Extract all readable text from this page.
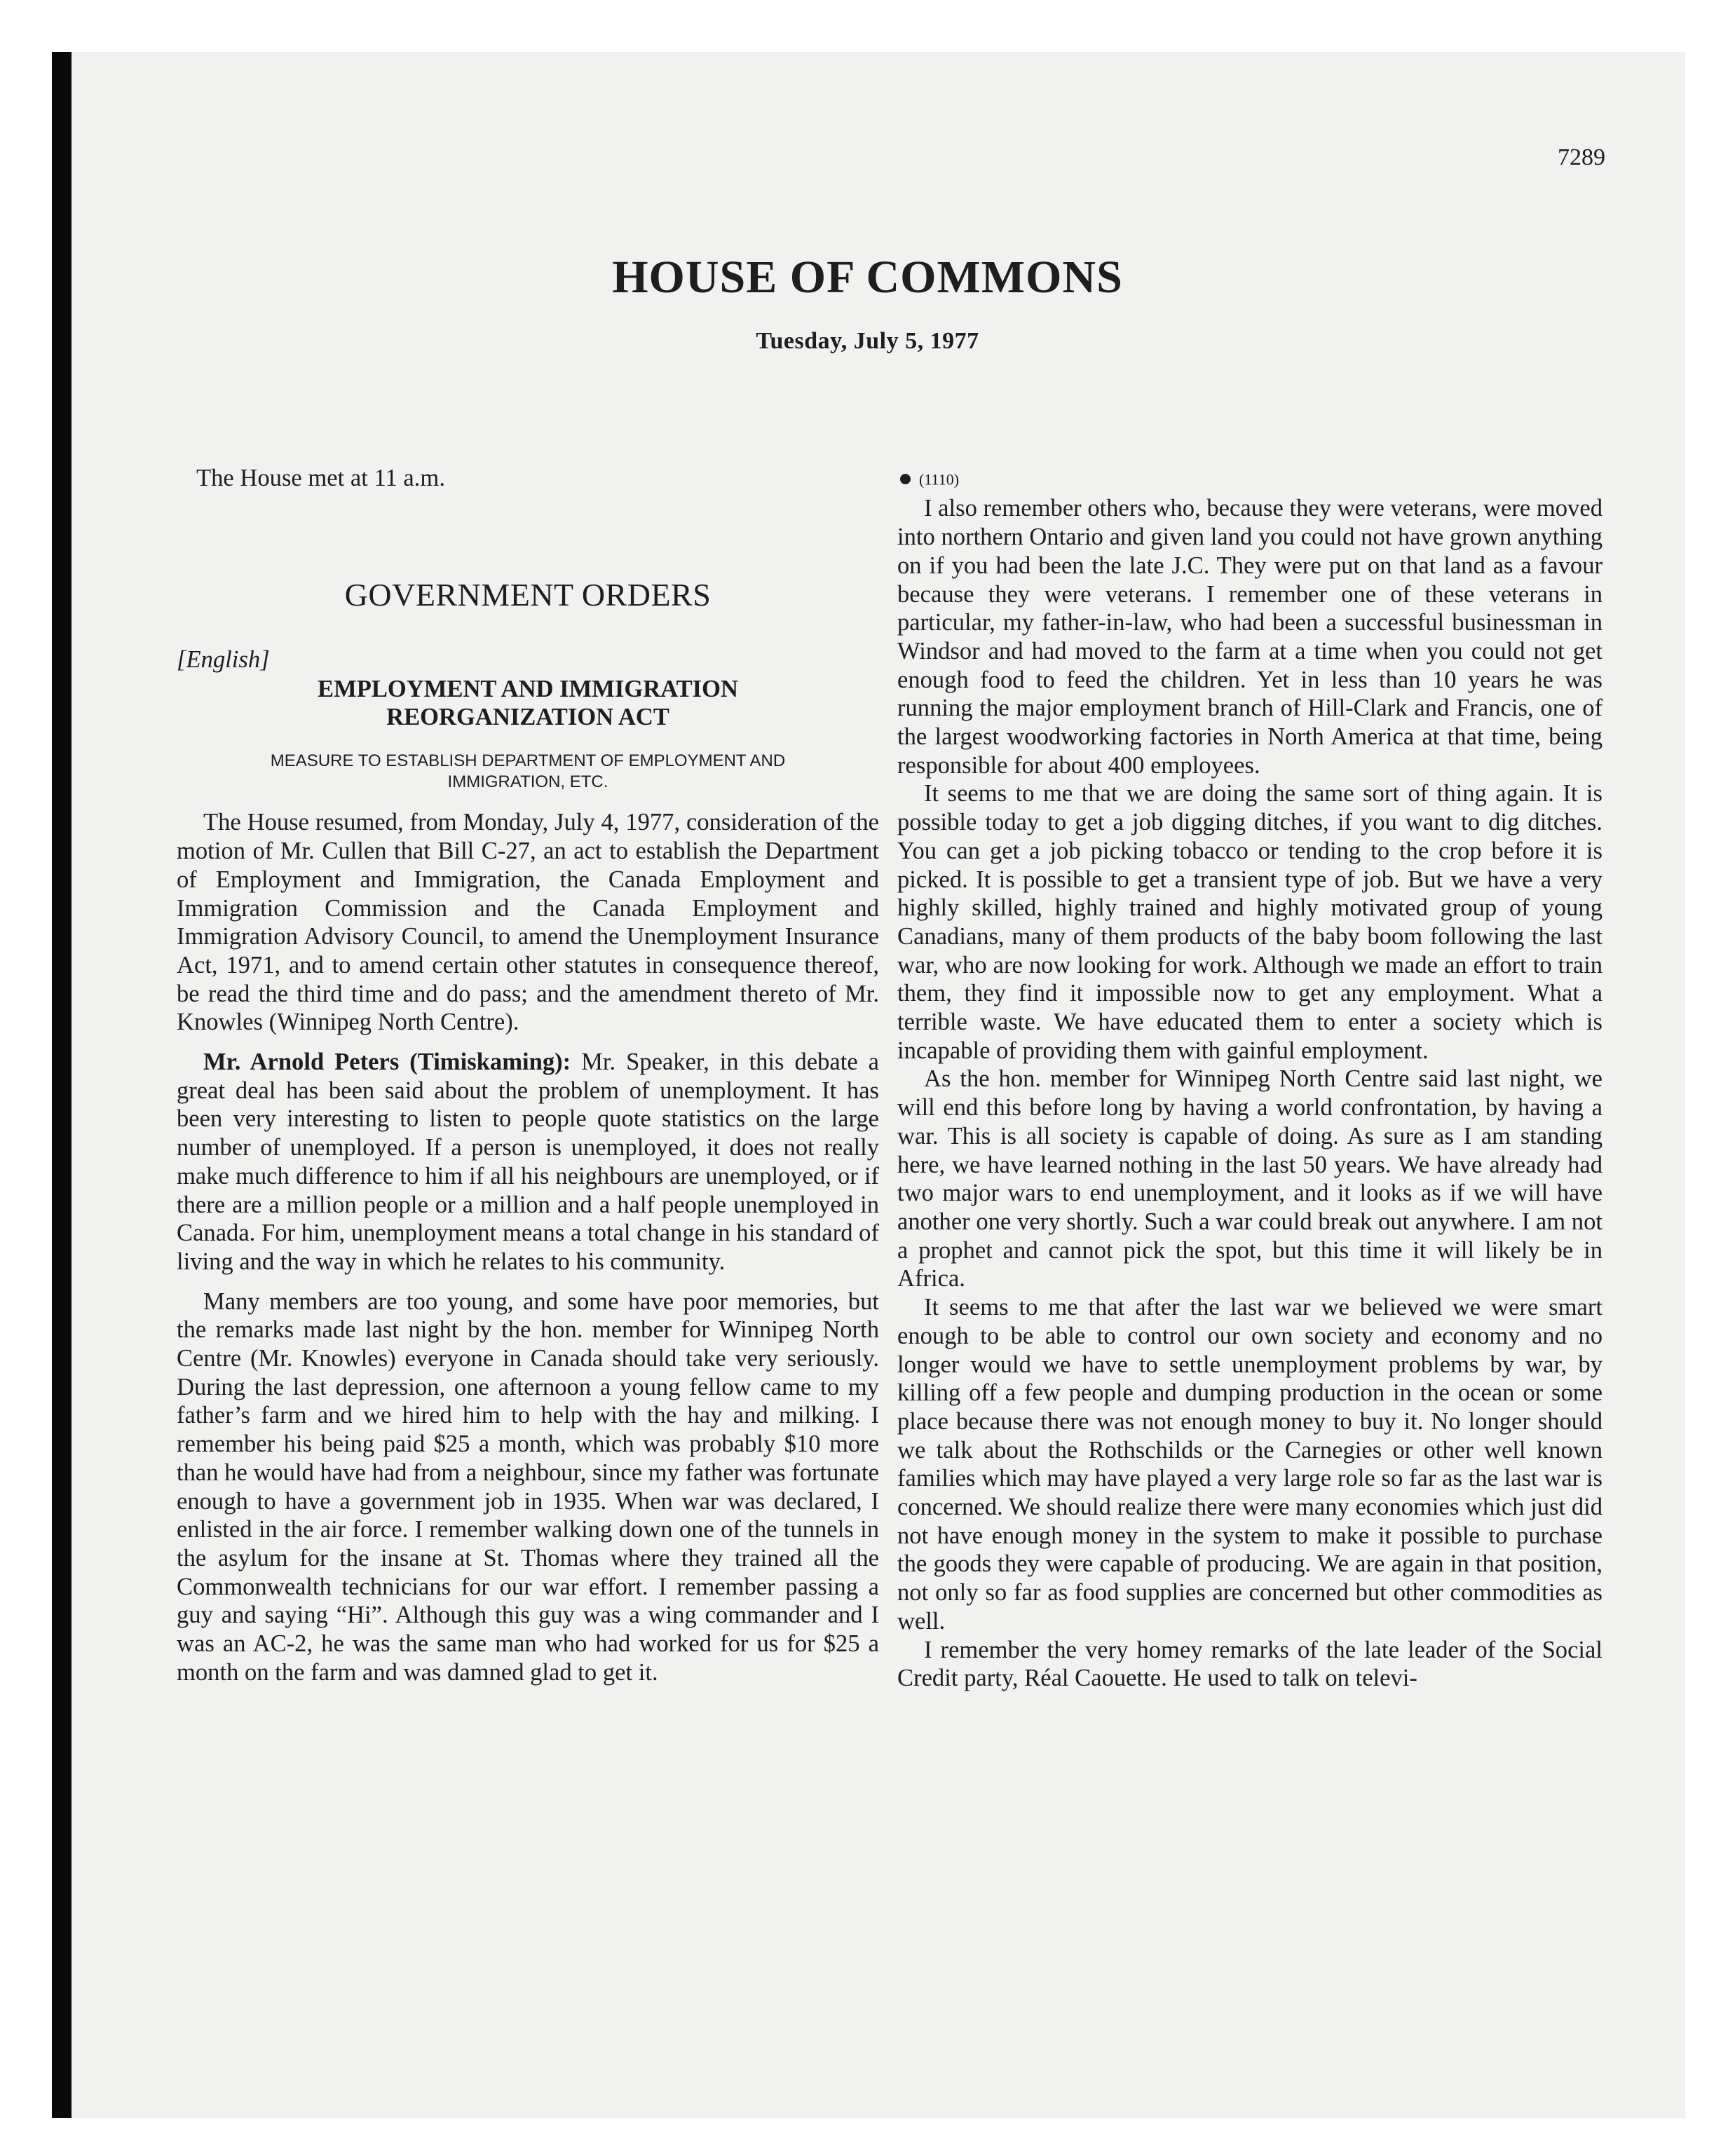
7289
HOUSE OF COMMONS
Tuesday, July 5, 1977

The House met at 11 a.m.

GOVERNMENT ORDERS

[English]

EMPLOYMENT AND IMMIGRATION
REORGANIZATION ACT
MEASURE TO ESTABLISH DEPARTMENT OF EMPLOYMENT AND
IMMIGRATION, ETC.

The House resumed, from Monday, July 4, 1977, consideration of the motion of Mr. Cullen that Bill C-27, an act to establish the Department of Employment and Immigration, the Canada Employment and Immigration Commission and the Canada Employment and Immigration Advisory Council, to amend the Unemployment Insurance Act, 1971, and to amend certain other statutes in consequence thereof, be read the third time and do pass; and the amendment thereto of Mr. Knowles (Winnipeg North Centre).

Mr. Arnold Peters (Timiskaming): Mr. Speaker, in this debate a great deal has been said about the problem of unemployment. It has been very interesting to listen to people quote statistics on the large number of unemployed. If a person is unemployed, it does not really make much difference to him if all his neighbours are unemployed, or if there are a million people or a million and a half people unemployed in Canada. For him, unemployment means a total change in his standard of living and the way in which he relates to his community.

Many members are too young, and some have poor memories, but the remarks made last night by the hon. member for Winnipeg North Centre (Mr. Knowles) everyone in Canada should take very seriously. During the last depression, one afternoon a young fellow came to my father’s farm and we hired him to help with the hay and milking. I remember his being paid $25 a month, which was probably $10 more than he would have had from a neighbour, since my father was fortunate enough to have a government job in 1935. When war was declared, I enlisted in the air force. I remember walking down one of the tunnels in the asylum for the insane at St. Thomas where they trained all the Commonwealth technicians for our war effort. I remember passing a guy and saying “Hi”. Although this guy was a wing commander and I was an AC-2, he was the same man who had worked for us for $25 a month on the farm and was damned glad to get it.

(1110)

I also remember others who, because they were veterans, were moved into northern Ontario and given land you could not have grown anything on if you had been the late J.C. They were put on that land as a favour because they were veterans. I remember one of these veterans in particular, my father-in-law, who had been a successful businessman in Windsor and had moved to the farm at a time when you could not get enough food to feed the children. Yet in less than 10 years he was running the major employment branch of Hill-Clark and Francis, one of the largest woodworking factories in North America at that time, being responsible for about 400 employees.

It seems to me that we are doing the same sort of thing again. It is possible today to get a job digging ditches, if you want to dig ditches. You can get a job picking tobacco or tending to the crop before it is picked. It is possible to get a transient type of job. But we have a very highly skilled, highly trained and highly motivated group of young Canadians, many of them products of the baby boom following the last war, who are now looking for work. Although we made an effort to train them, they find it impossible now to get any employment. What a terrible waste. We have educated them to enter a society which is incapable of providing them with gainful employment.

As the hon. member for Winnipeg North Centre said last night, we will end this before long by having a world confrontation, by having a war. This is all society is capable of doing. As sure as I am standing here, we have learned nothing in the last 50 years. We have already had two major wars to end unemployment, and it looks as if we will have another one very shortly. Such a war could break out anywhere. I am not a prophet and cannot pick the spot, but this time it will likely be in Africa.

It seems to me that after the last war we believed we were smart enough to be able to control our own society and economy and no longer would we have to settle unemployment problems by war, by killing off a few people and dumping production in the ocean or some place because there was not enough money to buy it. No longer should we talk about the Rothschilds or the Carnegies or other well known families which may have played a very large role so far as the last war is concerned. We should realize there were many economies which just did not have enough money in the system to make it possible to purchase the goods they were capable of producing. We are again in that position, not only so far as food supplies are concerned but other commodities as well.

I remember the very homey remarks of the late leader of the Social Credit party, Réal Caouette. He used to talk on televi-
